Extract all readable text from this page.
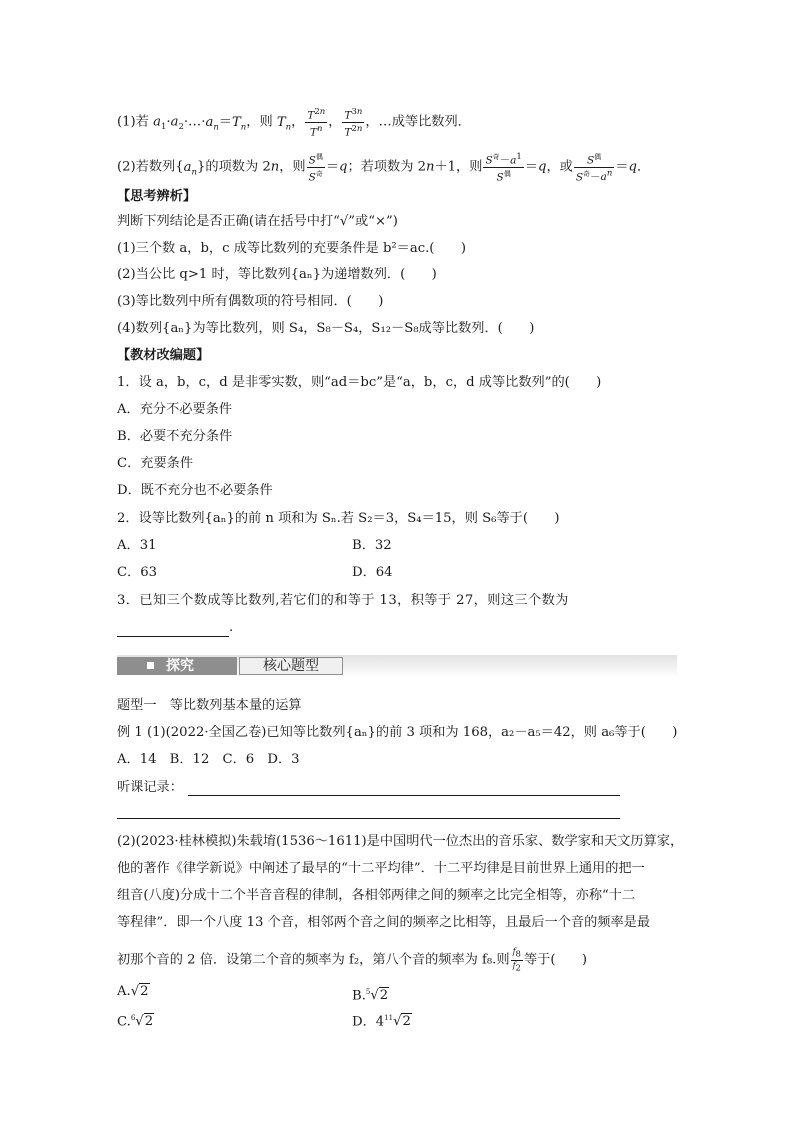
(1)若 $a_1\cdot a_2\cdot\dots\cdot a_n=T_n$，则 $T_n$， $\frac{T^{2n}}{T^n}$ ， $\frac{T^{3n}}{T^{2n}}$ ，…成等比数列．
(2)若数列$\{a_n\}$的项数为 2n，则 $\frac{S^偶}{S^奇} =q$；若项数为 2n＋1，则 $\frac{S^奇-a^1}{S^偶} =q$，或 $\frac{S^偶}{S^奇-a^n} =q$．
【思考辨析】
判断下列结论是否正确(请在括号中打“√”或“×”)
(1)三个数 a，b，c 成等比数列的充要条件是 b²＝ac.(　　)
(2)当公比 q>1 时，等比数列{aₙ}为递增数列．(　　)
(3)等比数列中所有偶数项的符号相同．(　　)
(4)数列{aₙ}为等比数列，则 S₄，S₈－S₄，S₁₂－S₈成等比数列．(　　)
【教材改编题】
1．设 a，b，c，d 是非零实数，则“ad＝bc”是“a，b，c，d 成等比数列”的(　　)
A．充分不必要条件
B．必要不充分条件
C．充要条件
D．既不充分也不必要条件
2．设等比数列{aₙ}的前 n 项和为 Sₙ.若 S₂＝3，S₄＝15，则 S₆等于(　　)
A．31	B．32
C．63	D．64
3．已知三个数成等比数列,若它们的和等于 13，积等于 27，则这三个数为
.
探究	核心题型
题型一　等比数列基本量的运算
例 1 (1)(2022·全国乙卷)已知等比数列{aₙ}的前 3 项和为 168，a₂－a₅＝42，则 a₆等于(　　)
A．14　B．12　C．6　D．3
听课记录：
(2)(2023·桂林模拟)朱载堉(1536～1611)是中国明代一位杰出的音乐家、数学家和天文历算家，
他的著作《律学新说》中阐述了最早的“十二平均律”．十二平均律是目前世界上通用的把一
组音(八度)分成十二个半音音程的律制，各相邻两律之间的频率之比完全相等，亦称“十二
等程律”．即一个八度 13 个音，相邻两个音之间的频率之比相等，且最后一个音的频率是最
初那个音的 2 倍．设第二个音的频率为 f₂，第八个音的频率为 f₈.则 $\frac{f_8}{f_2}$ 等于(　　)
A.√2	B.$^5$√2
C.$^6$√2	D．$4^{11}√2$
